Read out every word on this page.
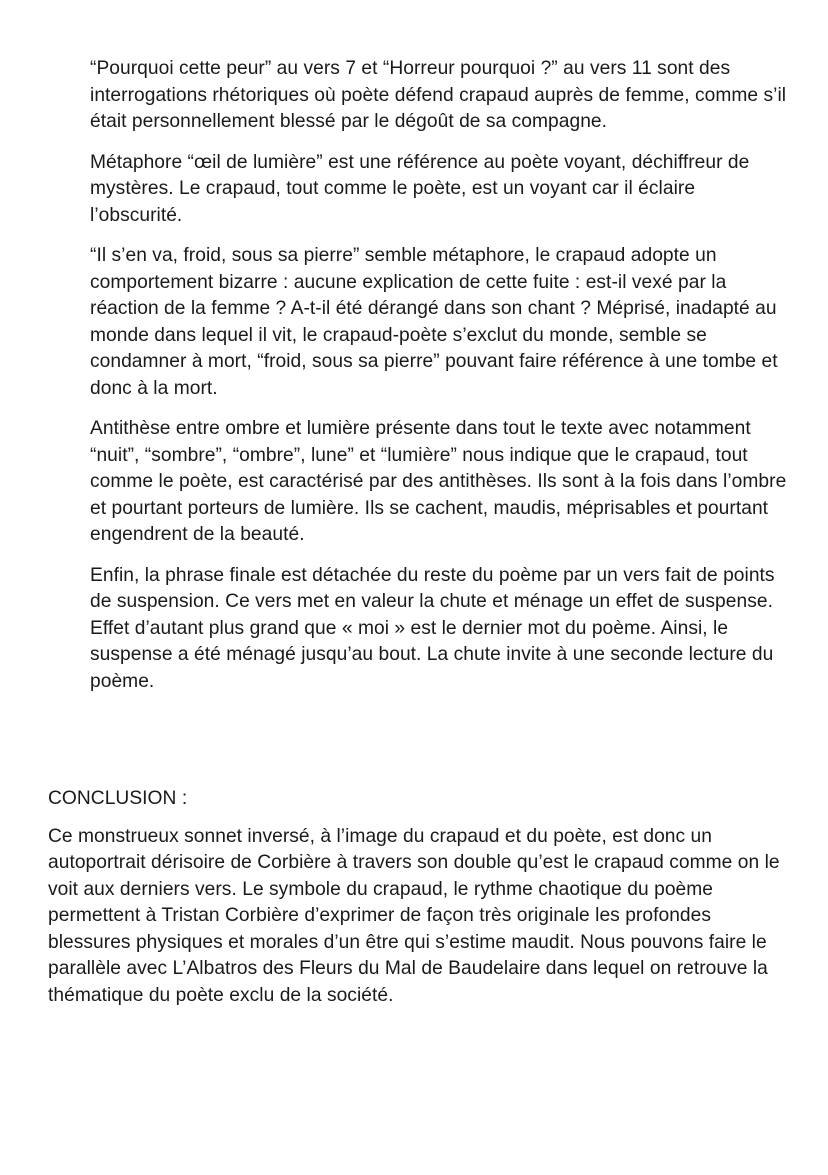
“Pourquoi cette peur” au vers 7 et “Horreur pourquoi ?” au vers 11 sont des interrogations rhétoriques où poète défend crapaud auprès de femme, comme s’il était personnellement blessé par le dégoût de sa compagne.

Métaphore “œil de lumière” est une référence au poète voyant, déchiffreur de mystères. Le crapaud, tout comme le poète, est un voyant car il éclaire l’obscurité.

“Il s’en va, froid, sous sa pierre” semble métaphore, le crapaud adopte un comportement bizarre : aucune explication de cette fuite : est-il vexé par la réaction de la femme ? A-t-il été dérangé dans son chant ? Méprisé, inadapté au monde dans lequel il vit, le crapaud-poète s’exclut du monde, semble se condamner à mort, “froid, sous sa pierre” pouvant faire référence à une tombe et donc à la mort.

Antithèse entre ombre et lumière présente dans tout le texte avec notamment “nuit”, “sombre”, “ombre”, lune” et “lumière” nous indique que le crapaud, tout comme le poète, est caractérisé par des antithèses. Ils sont à la fois dans l’ombre et pourtant porteurs de lumière. Ils se cachent, maudis, méprisables et pourtant engendrent de la beauté.

Enfin, la phrase finale est détachée du reste du poème par un vers fait de points de suspension. Ce vers met en valeur la chute et ménage un effet de suspense. Effet d’autant plus grand que « moi » est le dernier mot du poème. Ainsi, le suspense a été ménagé jusqu’au bout. La chute invite à une seconde lecture du poème.

CONCLUSION :

Ce monstrueux sonnet inversé, à l’image du crapaud et du poète, est donc un autoportrait dérisoire de Corbière à travers son double qu’est le crapaud comme on le voit aux derniers vers. Le symbole du crapaud, le rythme chaotique du poème permettent à Tristan Corbière d’exprimer de façon très originale les profondes blessures physiques et morales d’un être qui s’estime maudit. Nous pouvons faire le parallèle avec L’Albatros des Fleurs du Mal de Baudelaire dans lequel on retrouve la thématique du poète exclu de la société.
